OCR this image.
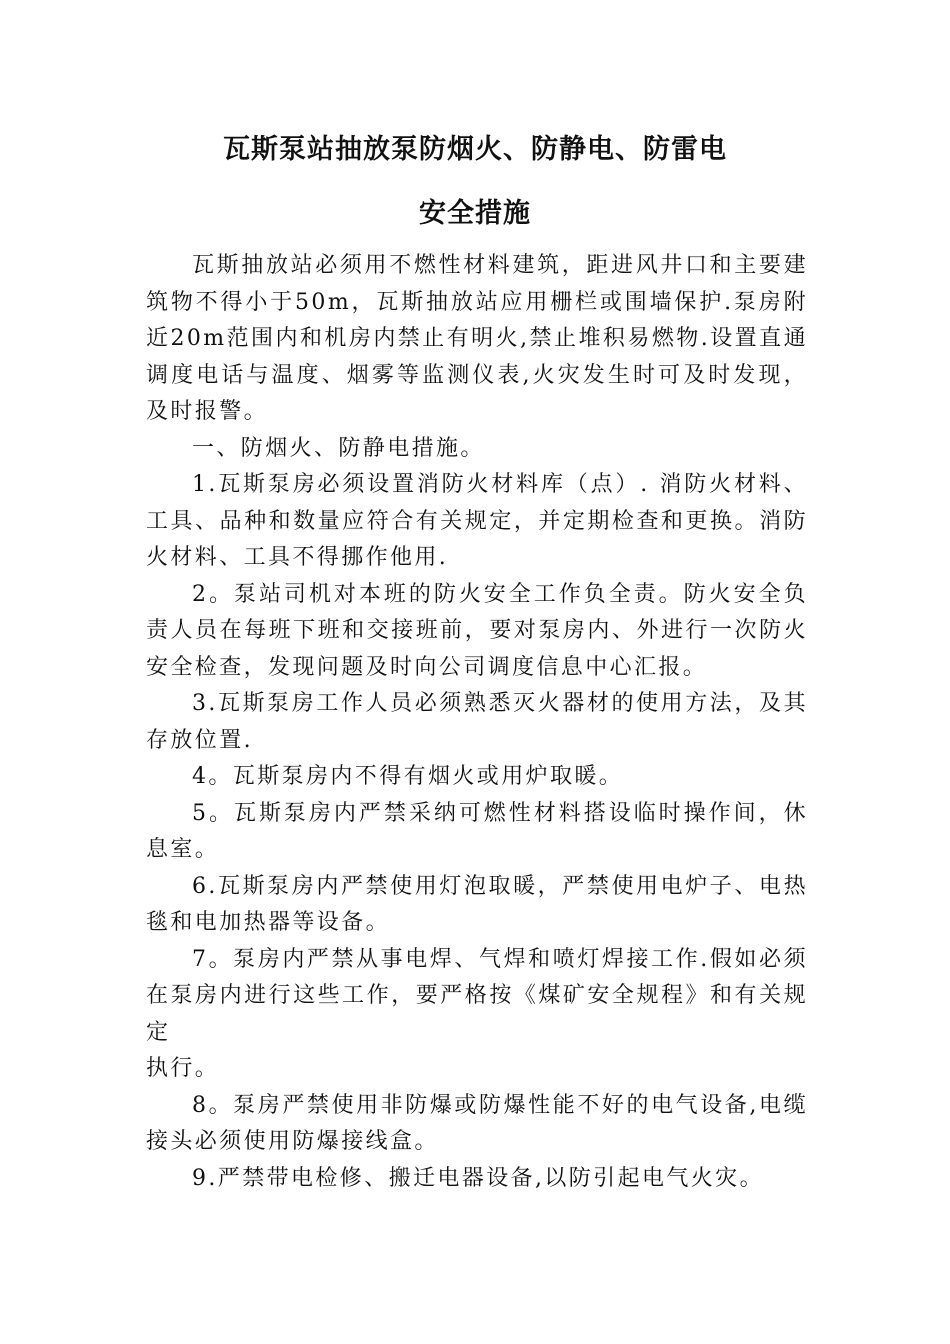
瓦斯泵站抽放泵防烟火、防静电、防雷电
安全措施

瓦斯抽放站必须用不燃性材料建筑，距进风井口和主要建筑物不得小于50m，瓦斯抽放站应用栅栏或围墙保护.泵房附近20m范围内和机房内禁止有明火,禁止堆积易燃物.设置直通调度电话与温度、烟雾等监测仪表,火灾发生时可及时发现，及时报警。

一、防烟火、防静电措施。

1.瓦斯泵房必须设置消防火材料库（点）. 消防火材料、工具、品种和数量应符合有关规定，并定期检查和更换。消防火材料、工具不得挪作他用.

2。泵站司机对本班的防火安全工作负全责。防火安全负责人员在每班下班和交接班前，要对泵房内、外进行一次防火安全检查，发现问题及时向公司调度信息中心汇报。

3.瓦斯泵房工作人员必须熟悉灭火器材的使用方法，及其存放位置.

4。瓦斯泵房内不得有烟火或用炉取暖。

5。瓦斯泵房内严禁采纳可燃性材料搭设临时操作间，休息室。

6.瓦斯泵房内严禁使用灯泡取暖，严禁使用电炉子、电热毯和电加热器等设备。

7。泵房内严禁从事电焊、气焊和喷灯焊接工作.假如必须在泵房内进行这些工作，要严格按《煤矿安全规程》和有关规定

执行。

8。泵房严禁使用非防爆或防爆性能不好的电气设备,电缆接头必须使用防爆接线盒。

9.严禁带电检修、搬迁电器设备,以防引起电气火灾。
